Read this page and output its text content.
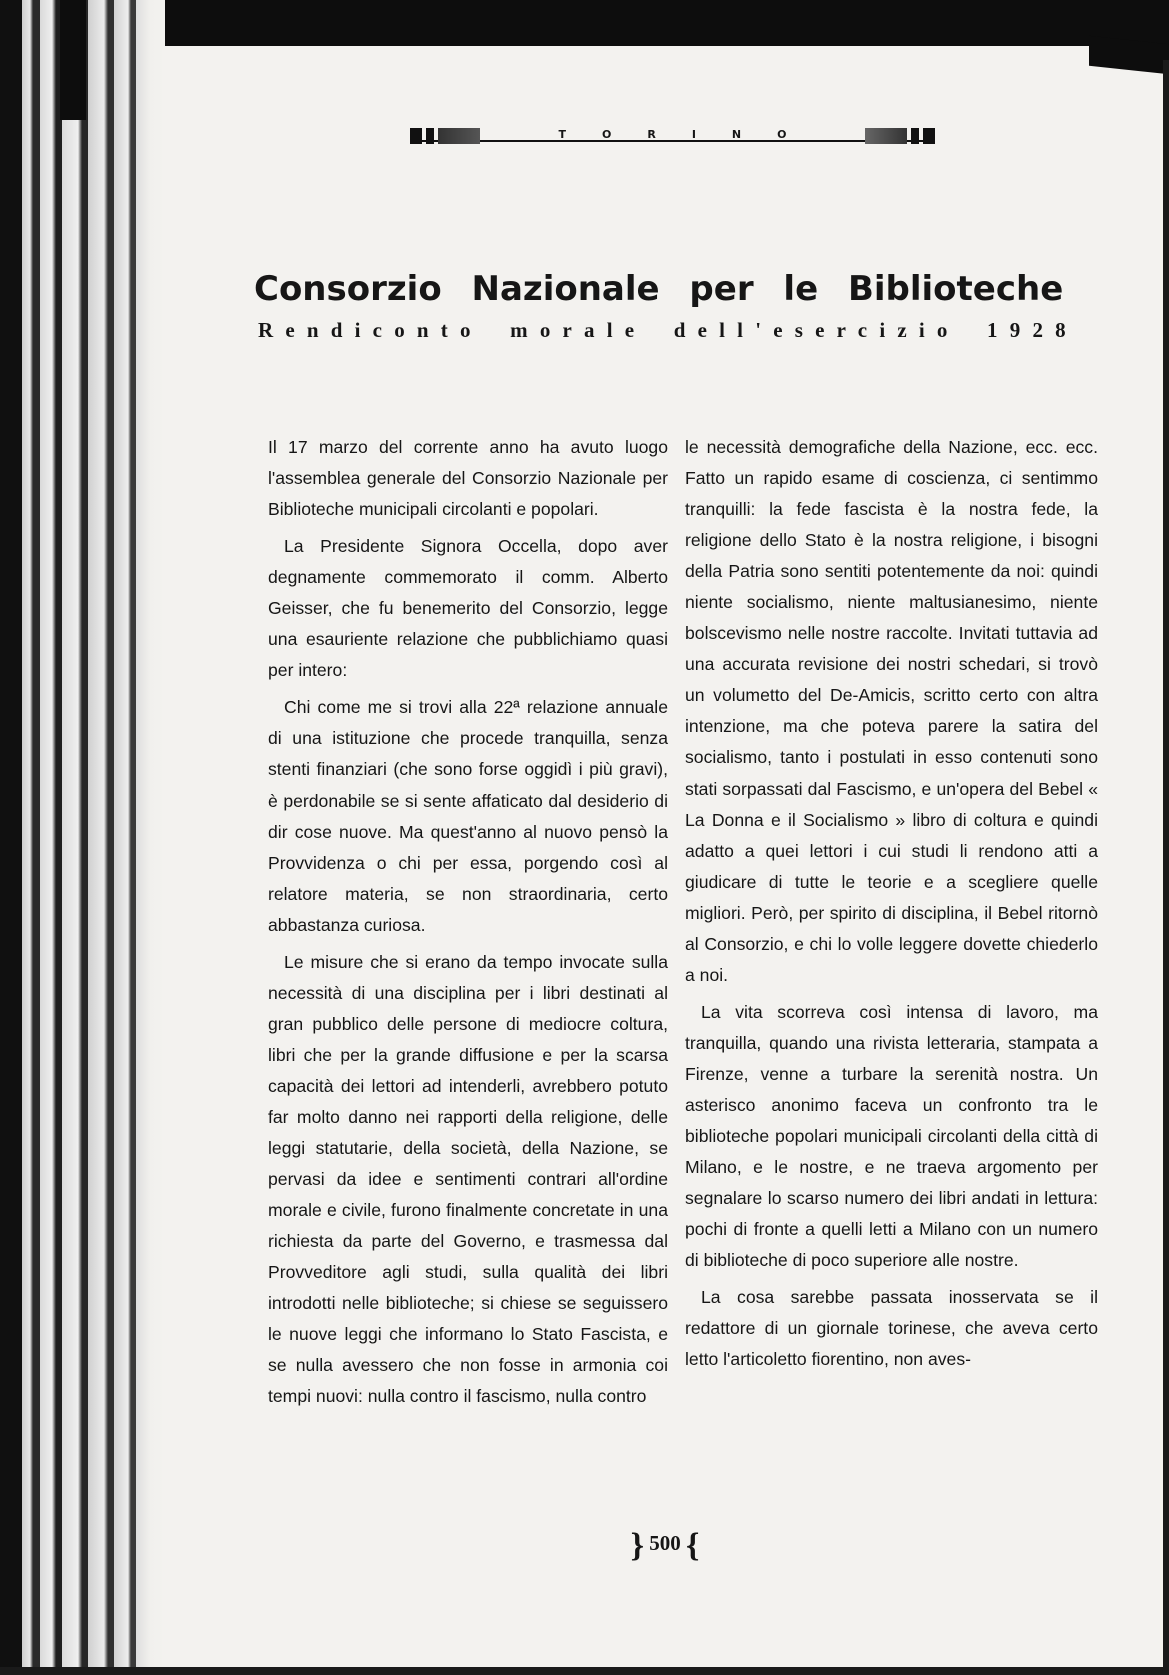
TORINO
Consorzio Nazionale per le Biblioteche
Rendiconto morale dell'esercizio 1928

Il 17 marzo del corrente anno ha avuto luogo l'assemblea generale del Consorzio Nazionale per Biblioteche municipali circolanti e popolari.

La Presidente Signora Occella, dopo aver degnamente commemorato il comm. Alberto Geisser, che fu benemerito del Consorzio, legge una esauriente relazione che pubblichiamo quasi per intero:

Chi come me si trovi alla 22ª relazione annuale di una istituzione che procede tranquilla, senza stenti finanziari (che sono forse oggidì i più gravi), è perdonabile se si sente affaticato dal desiderio di dir cose nuove. Ma quest'anno al nuovo pensò la Provvidenza o chi per essa, porgendo così al relatore materia, se non straordinaria, certo abbastanza curiosa.

Le misure che si erano da tempo invocate sulla necessità di una disciplina per i libri destinati al gran pubblico delle persone di mediocre coltura, libri che per la grande diffusione e per la scarsa capacità dei lettori ad intenderli, avrebbero potuto far molto danno nei rapporti della religione, delle leggi statutarie, della società, della Nazione, se pervasi da idee e sentimenti contrari all'ordine morale e civile, furono finalmente concretate in una richiesta da parte del Governo, e trasmessa dal Provveditore agli studi, sulla qualità dei libri introdotti nelle biblioteche; si chiese se seguissero le nuove leggi che informano lo Stato Fascista, e se nulla avessero che non fosse in armonia coi tempi nuovi: nulla contro il fascismo, nulla contro

le necessità demografiche della Nazione, ecc. ecc. Fatto un rapido esame di coscienza, ci sentimmo tranquilli: la fede fascista è la nostra fede, la religione dello Stato è la nostra religione, i bisogni della Patria sono sentiti potentemente da noi: quindi niente socialismo, niente maltusianesimo, niente bolscevismo nelle nostre raccolte. Invitati tuttavia ad una accurata revisione dei nostri schedari, si trovò un volumetto del De-Amicis, scritto certo con altra intenzione, ma che poteva parere la satira del socialismo, tanto i postulati in esso contenuti sono stati sorpassati dal Fascismo, e un'opera del Bebel « La Donna e il Socialismo » libro di coltura e quindi adatto a quei lettori i cui studi li rendono atti a giudicare di tutte le teorie e a scegliere quelle migliori. Però, per spirito di disciplina, il Bebel ritornò al Consorzio, e chi lo volle leggere dovette chiederlo a noi.

La vita scorreva così intensa di lavoro, ma tranquilla, quando una rivista letteraria, stampata a Firenze, venne a turbare la serenità nostra. Un asterisco anonimo faceva un confronto tra le biblioteche popolari municipali circolanti della città di Milano, e le nostre, e ne traeva argomento per segnalare lo scarso numero dei libri andati in lettura: pochi di fronte a quelli letti a Milano con un numero di biblioteche di poco superiore alle nostre.

La cosa sarebbe passata inosservata se il redattore di un giornale torinese, che aveva certo letto l'articoletto fiorentino, non aves-

} 500 {
